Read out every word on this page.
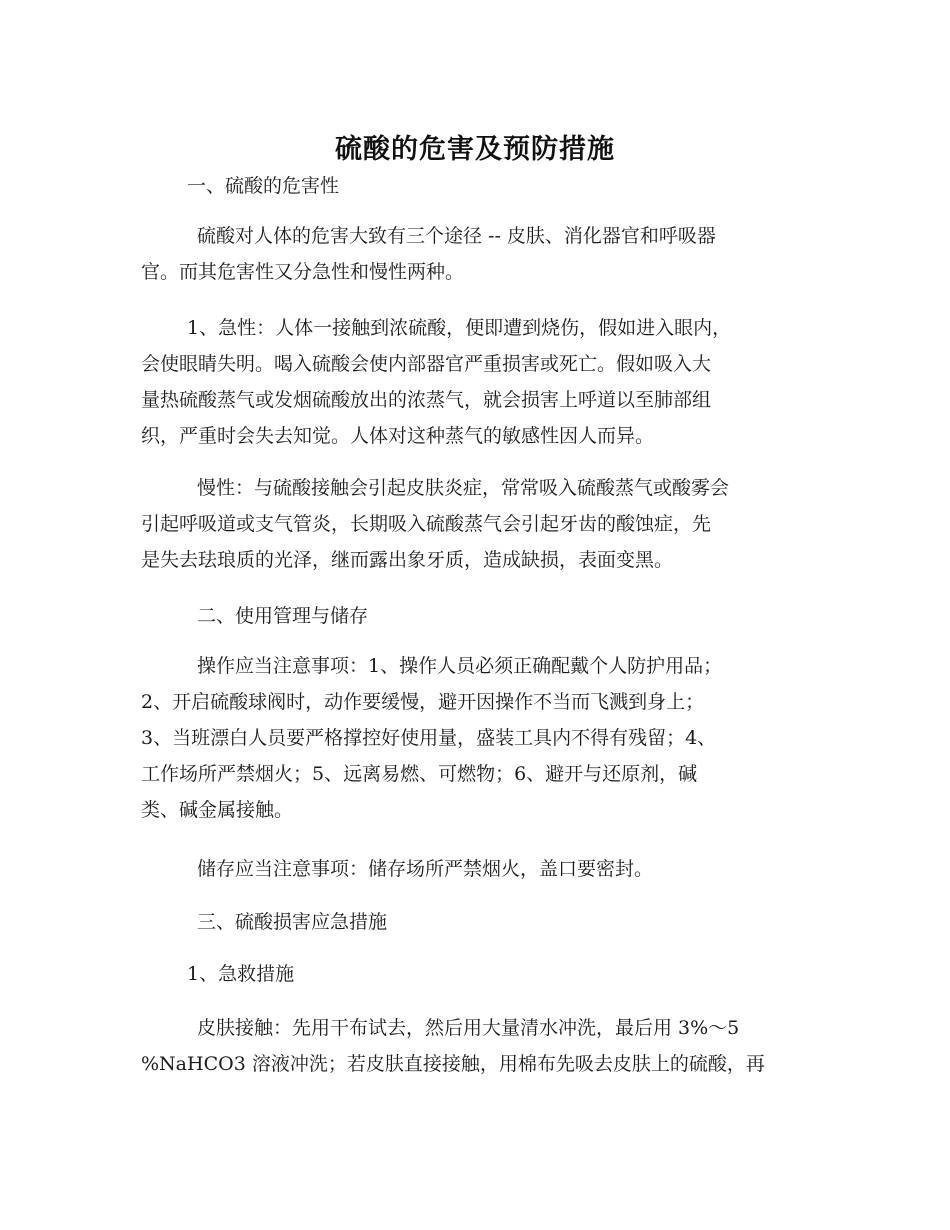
硫酸的危害及预防措施

一、硫酸的危害性

硫酸对人体的危害大致有三个途径 -- 皮肤、消化器官和呼吸器
官。而其危害性又分急性和慢性两种。

1、急性：人体一接触到浓硫酸，便即遭到烧伤，假如进入眼内，
会使眼睛失明。喝入硫酸会使内部器官严重损害或死亡。假如吸入大
量热硫酸蒸气或发烟硫酸放出的浓蒸气，就会损害上呼道以至肺部组
织，严重时会失去知觉。人体对这种蒸气的敏感性因人而异。

慢性：与硫酸接触会引起皮肤炎症，常常吸入硫酸蒸气或酸雾会
引起呼吸道或支气管炎，长期吸入硫酸蒸气会引起牙齿的酸蚀症，先
是失去珐琅质的光泽，继而露出象牙质，造成缺损，表面变黑。

二、使用管理与储存

操作应当注意事项：1、操作人员必须正确配戴个人防护用品；
2、开启硫酸球阀时，动作要缓慢，避开因操作不当而飞溅到身上；
3、当班漂白人员要严格撑控好使用量，盛装工具内不得有残留；4、
工作场所严禁烟火；5、远离易燃、可燃物；6、避开与还原剂，碱
类、碱金属接触。

储存应当注意事项：储存场所严禁烟火，盖口要密封。

三、硫酸损害应急措施

1、急救措施

皮肤接触：先用干布试去，然后用大量清水冲洗，最后用 3%～5
%NaHCO3 溶液冲洗；若皮肤直接接触，用棉布先吸去皮肤上的硫酸，再
